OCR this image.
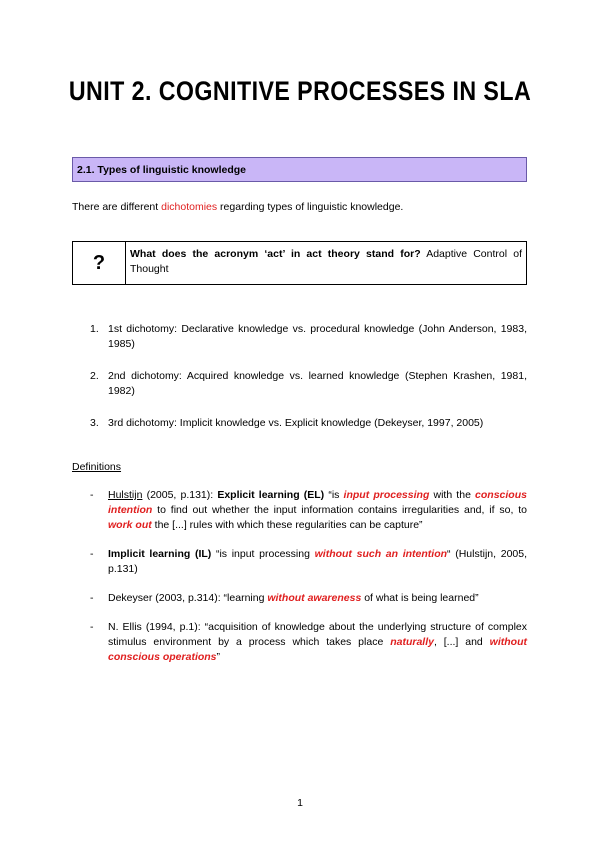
UNIT 2. COGNITIVE PROCESSES IN SLA
2.1. Types of linguistic knowledge
There are different dichotomies regarding types of linguistic knowledge.
?	What does the acronym ‘act’ in act theory stand for? Adaptive Control of Thought
1. 1st dichotomy: Declarative knowledge vs. procedural knowledge (John Anderson, 1983, 1985)
2. 2nd dichotomy: Acquired knowledge vs. learned knowledge (Stephen Krashen, 1981, 1982)
3. 3rd dichotomy: Implicit knowledge vs. Explicit knowledge (Dekeyser, 1997, 2005)
Definitions
- Hulstijn (2005, p.131): Explicit learning (EL) “is input processing with the conscious intention to find out whether the input information contains irregularities and, if so, to work out the [...] rules with which these regularities can be capture”
- Implicit learning (IL) “is input processing without such an intention“ (Hulstijn, 2005, p.131)
- Dekeyser (2003, p.314): “learning without awareness of what is being learned”
- N. Ellis (1994, p.1): “acquisition of knowledge about the underlying structure of complex stimulus environment by a process which takes place naturally, [...] and without conscious operations”
1
